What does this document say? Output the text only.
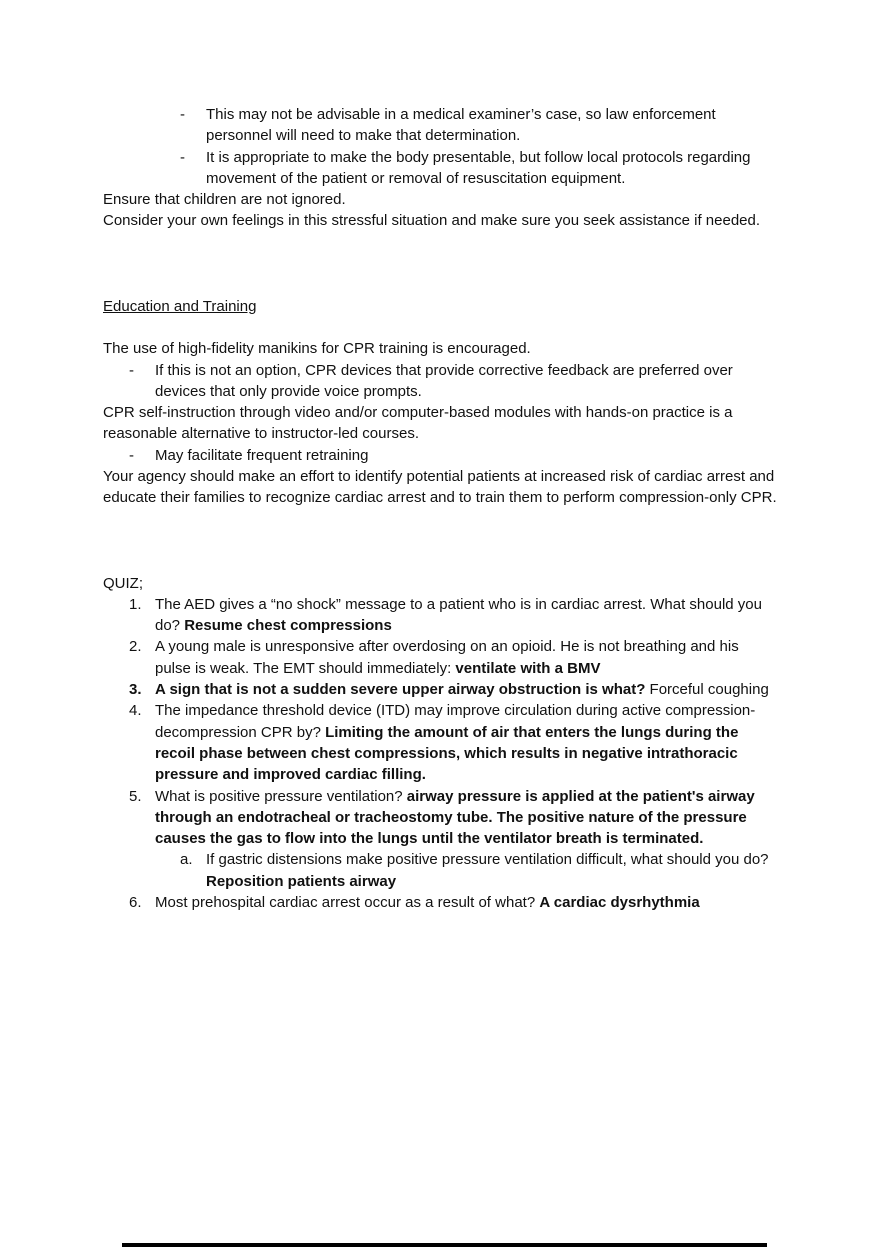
- This may not be advisable in a medical examiner’s case, so law enforcement personnel will need to make that determination.
- It is appropriate to make the body presentable, but follow local protocols regarding movement of the patient or removal of resuscitation equipment.
Ensure that children are not ignored.
Consider your own feelings in this stressful situation and make sure you seek assistance if needed.
Education and Training
The use of high-fidelity manikins for CPR training is encouraged.
- If this is not an option, CPR devices that provide corrective feedback are preferred over devices that only provide voice prompts.
CPR self-instruction through video and/or computer-based modules with hands-on practice is a reasonable alternative to instructor-led courses.
- May facilitate frequent retraining
Your agency should make an effort to identify potential patients at increased risk of cardiac arrest and educate their families to recognize cardiac arrest and to train them to perform compression-only CPR.
QUIZ;
1. The AED gives a “no shock” message to a patient who is in cardiac arrest. What should you do? Resume chest compressions
2. A young male is unresponsive after overdosing on an opioid. He is not breathing and his pulse is weak. The EMT should immediately: ventilate with a BMV
3. A sign that is not a sudden severe upper airway obstruction is what? Forceful coughing
4. The impedance threshold device (ITD) may improve circulation during active compression-decompression CPR by? Limiting the amount of air that enters the lungs during the recoil phase between chest compressions, which results in negative intrathoracic pressure and improved cardiac filling.
5. What is positive pressure ventilation? airway pressure is applied at the patient's airway through an endotracheal or tracheostomy tube. The positive nature of the pressure causes the gas to flow into the lungs until the ventilator breath is terminated.
a. If gastric distensions make positive pressure ventilation difficult, what should you do? Reposition patients airway
6. Most prehospital cardiac arrest occur as a result of what? A cardiac dysrhythmia
